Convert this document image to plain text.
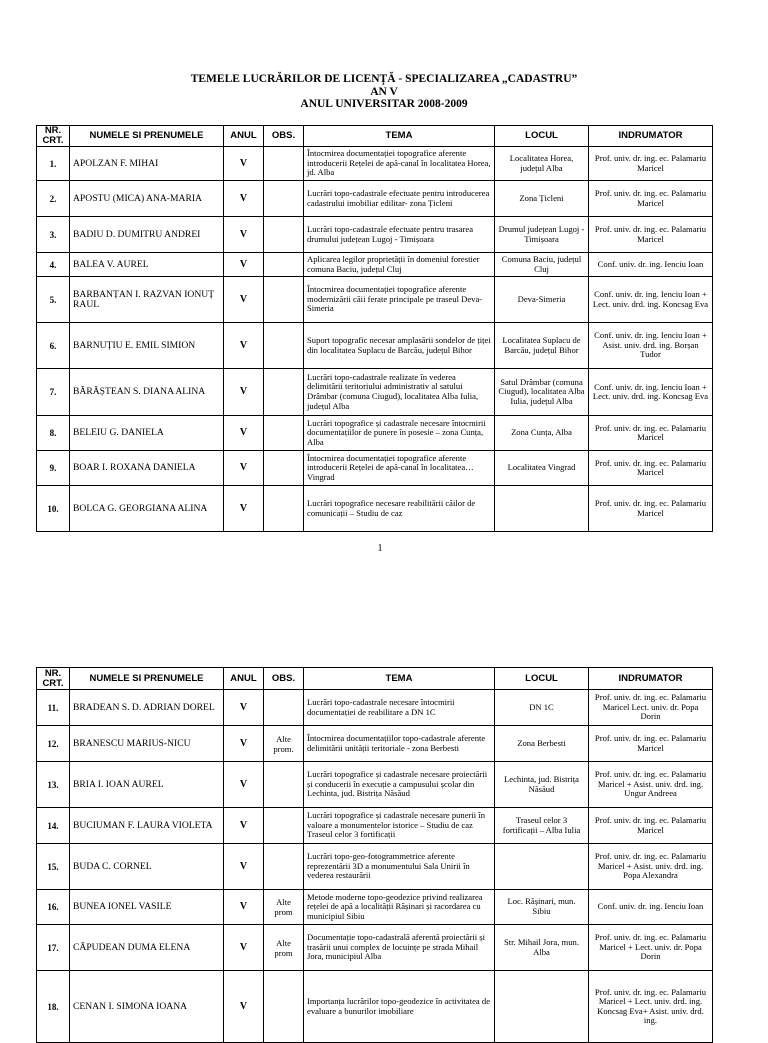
TEMELE LUCRĂRILOR DE LICENȚĂ - SPECIALIZAREA „CADASTRU”
AN V
ANUL UNIVERSITAR 2008-2009
NR. CRT.	NUMELE SI PRENUMELE	ANUL	OBS.	TEMA	LOCUL	INDRUMATOR
1.	APOLZAN F. MIHAI	V		Întocmirea documentației topografice aferente introducerii Rețelei de apă-canal în localitatea Horea, jd. Alba	Localitatea Horea, județul Alba	Prof. univ. dr. ing. ec. Palamariu Maricel
2.	APOSTU (MICA) ANA-MARIA	V		Lucrări topo-cadastrale efectuate pentru introducerea cadastrului imobiliar edilitar- zona Țicleni	Zona Țicleni	Prof. univ. dr. ing. ec. Palamariu Maricel
3.	BADIU D. DUMITRU ANDREI	V		Lucrări topo-cadastrale efectuate pentru trasarea drumului județean Lugoj - Timișoara	Drumul județean Lugoj - Timișoara	Prof. univ. dr. ing. ec. Palamariu Maricel
4.	BALEA V. AUREL	V		Aplicarea legilor proprietății în domeniul forestier comuna Baciu, județul Cluj	Comuna Baciu, județul Cluj	Conf. univ. dr. ing. Ienciu Ioan
5.	BARBANȚAN I. RAZVAN IONUȚ RAUL	V		Întocmirea documentației topografice aferente modernizării căii ferate principale pe traseul Deva-Simeria	Deva-Simeria	Conf. univ. dr. ing. Ienciu Ioan + Lect. univ. drd. ing. Koncsag Eva
6.	BARNUȚIU E. EMIL SIMION	V		Suport topografic necesar amplasării sondelor de țiței din localitatea Suplacu de Barcău, județul Bihor	Localitatea Suplacu de Barcău, județul Bihor	Conf. univ. dr. ing. Ienciu Ioan + Asist. univ. drd. ing. Borșan Tudor
7.	BĂRĂȘTEAN S. DIANA ALINA	V		Lucrări topo-cadastrale realizate în vederea delimitării teritoriului administrativ al satului Drâmbar (comuna Ciugud), localitatea Alba Iulia, județul Alba	Satul Drâmbar (comuna Ciugud), localitatea Alba Iulia, județul Alba	Conf. univ. dr. ing. Ienciu Ioan + Lect. univ. drd. ing. Koncsag Eva
8.	BELEIU G. DANIELA	V		Lucrări topografice și cadastrale necesare întocmirii documentațiilor de punere în posesie – zona Cunța, Alba	Zona Cunța, Alba	Prof. univ. dr. ing. ec. Palamariu Maricel
9.	BOAR I. ROXANA DANIELA	V		Întocmirea documentației topografice aferente introducerii Rețelei de apă-canal în localitatea…Vingrad	Localitatea Vingrad	Prof. univ. dr. ing. ec. Palamariu Maricel
10.	BOLCA G. GEORGIANA ALINA	V		Lucrări topografice necesare reabilitării căilor de comunicații – Studiu de caz		Prof. univ. dr. ing. ec. Palamariu Maricel
1
NR. CRT.	NUMELE SI PRENUMELE	ANUL	OBS.	TEMA	LOCUL	INDRUMATOR
11.	BRADEAN S. D. ADRIAN DOREL	V		Lucrări topo-cadastrale necesare întocmirii documentației de reabilitare a DN 1C	DN 1C	Prof. univ. dr. ing. ec. Palamariu Maricel Lect. univ. dr. Popa Dorin
12.	BRANESCU MARIUS-NICU	V	Alte prom.	Întocmirea documentațiilor topo-cadastrale aferente delimitării unității teritoriale - zona Berbesti	Zona Berbesti	Prof. univ. dr. ing. ec. Palamariu Maricel
13.	BRIA I. IOAN AUREL	V		Lucrări topografice și cadastrale necesare proiectării și conducerii în execuție a campusului școlar din Lechinta, jud. Bistrița Năsăud	Lechinta, jud. Bistrița Năsăud	Prof. univ. dr. ing. ec. Palamariu Maricel + Asist. univ. drd. ing. Ungur Andreea
14.	BUCIUMAN F. LAURA VIOLETA	V		Lucrări topografice și cadastrale necesare punerii în valoare a monumentelor istorice – Studiu de caz Traseul celor 3 fortificații	Traseul celor 3 fortificații – Alba Iulia	Prof. univ. dr. ing. ec. Palamariu Maricel
15.	BUDA C. CORNEL	V		Lucrări topo-geo-fotogrammetrice aferente reprezentării 3D a monumentului Sala Unirii în vederea restaurării		Prof. univ. dr. ing. ec. Palamariu Maricel + Asist. univ. drd. ing. Popa Alexandra
16.	BUNEA IONEL VASILE	V	Alte prom	Metode moderne topo-geodezice privind realizarea rețelei de apă a localității Rășinari și racordarea cu municipiul Sibiu	Loc. Rășinari, mun. Sibiu	Conf. univ. dr. ing. Ienciu Ioan
17.	CĂPUDEAN DUMA ELENA	V	Alte prom	Documentație topo-cadastrală aferentă proiectării și trasării unui complex de locuințe pe strada Mihail Jora, municipiul Alba	Str. Mihail Jora, mun. Alba	Prof. univ. dr. ing. ec. Palamariu Maricel + Lect. univ. dr. Popa Dorin
18.	CENAN I. SIMONA IOANA	V		Importanța lucrărilor topo-geodezice în activitatea de evaluare a bunurilor imobiliare		Prof. univ. dr. ing. ec. Palamariu Maricel + Lect. univ. drd. ing. Koncsag Eva+ Asist. univ. drd. ing.
